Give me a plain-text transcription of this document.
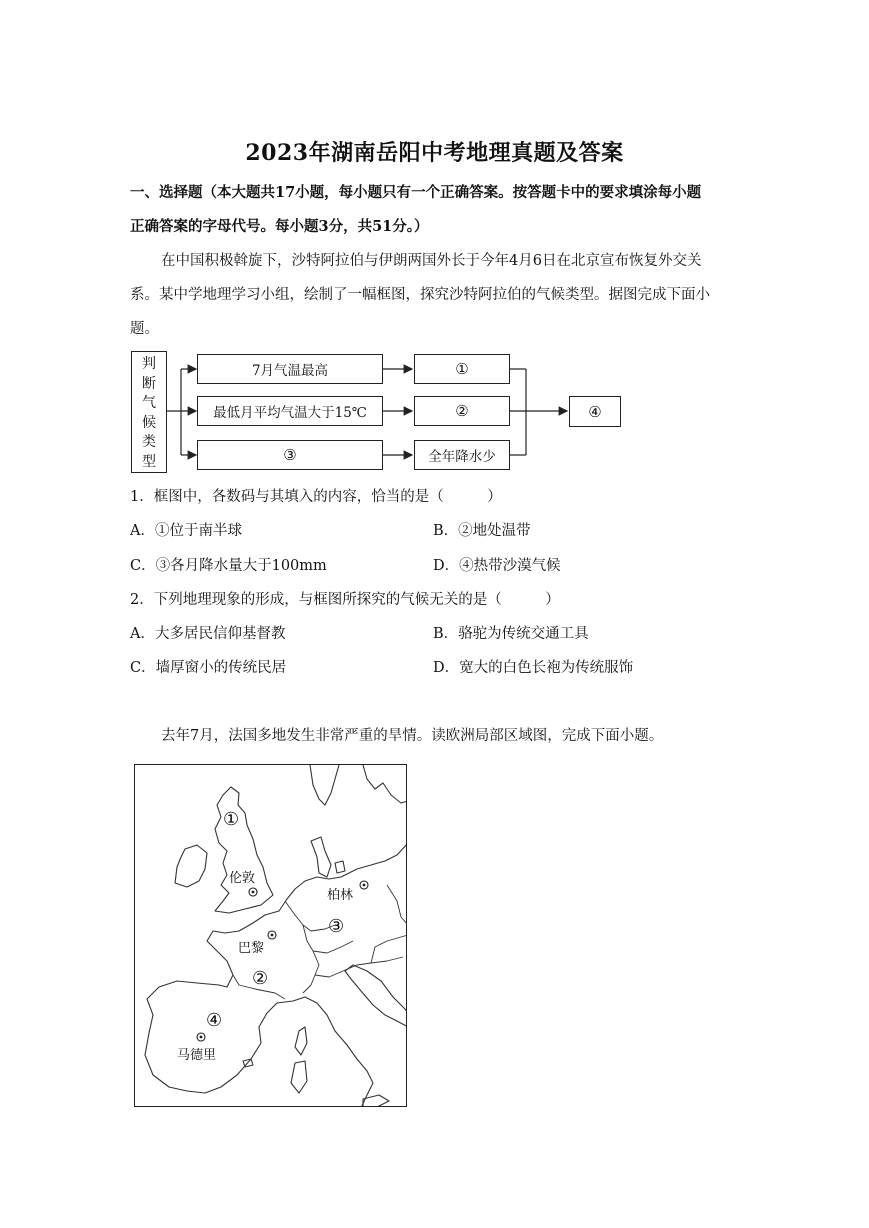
2023年湖南岳阳中考地理真题及答案
一、选择题（本大题共17小题，每小题只有一个正确答案。按答题卡中的要求填涂每小题
正确答案的字母代号。每小题3分，共51分。）
在中国积极斡旋下，沙特阿拉伯与伊朗两国外长于今年4月6日在北京宣布恢复外交关
系。某中学地理学习小组，绘制了一幅框图，探究沙特阿拉伯的气候类型。据图完成下面小
题。
判
断
气
候
类
型
7月气温最高
最低月平均气温大于15℃
③
①
②
全年降水少
④
1．框图中，各数码与其填入的内容，恰当的是（　　　）
A．①位于南半球	B．②地处温带
C．③各月降水量大于100mm	D．④热带沙漠气候
2．下列地理现象的形成，与框图所探究的气候无关的是（　　　）
A．大多居民信仰基督教	B．骆驼为传统交通工具
C．墙厚窗小的传统民居	D．宽大的白色长袍为传统服饰
去年7月，法国多地发生非常严重的旱情。读欧洲局部区域图，完成下面小题。
①
②
③
④
伦敦
柏林
巴黎
马德里
